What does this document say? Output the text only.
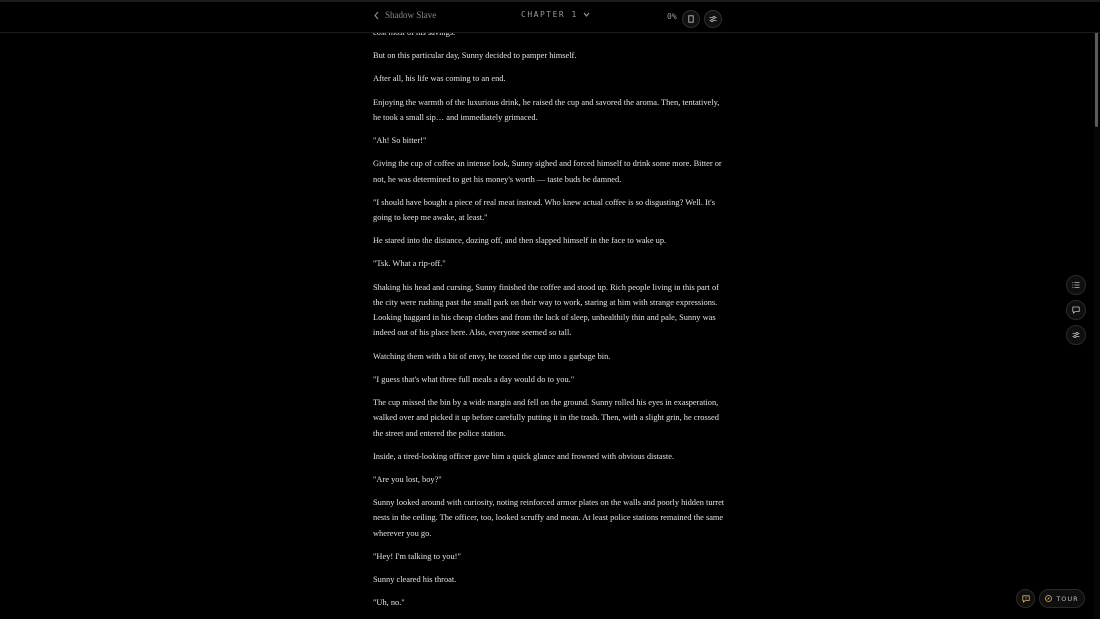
Shadow Slave	CHAPTER 1	0%

But on this particular day, Sunny decided to pamper himself.

After all, his life was coming to an end.

Enjoying the warmth of the luxurious drink, he raised the cup and savored the aroma. Then, tentatively, he took a small sip… and immediately grimaced.

"Ah! So bitter!"

Giving the cup of coffee an intense look, Sunny sighed and forced himself to drink some more. Bitter or not, he was determined to get his money's worth — taste buds be damned.

"I should have bought a piece of real meat instead. Who knew actual coffee is so disgusting? Well. It's going to keep me awake, at least."

He stared into the distance, dozing off, and then slapped himself in the face to wake up.

"Tsk. What a rip-off."

Shaking his head and cursing, Sunny finished the coffee and stood up. Rich people living in this part of the city were rushing past the small park on their way to work, staring at him with strange expressions. Looking haggard in his cheap clothes and from the lack of sleep, unhealthily thin and pale, Sunny was indeed out of his place here. Also, everyone seemed so tall.

Watching them with a bit of envy, he tossed the cup into a garbage bin.

"I guess that's what three full meals a day would do to you."

The cup missed the bin by a wide margin and fell on the ground. Sunny rolled his eyes in exasperation, walked over and picked it up before carefully putting it in the trash. Then, with a slight grin, he crossed the street and entered the police station.

Inside, a tired-looking officer gave him a quick glance and frowned with obvious distaste.

"Are you lost, boy?"

Sunny looked around with curiosity, noting reinforced armor plates on the walls and poorly hidden turret nests in the ceiling. The officer, too, looked scruffy and mean. At least police stations remained the same wherever you go.

"Hey! I'm talking to you!"

Sunny cleared his throat.

"Uh, no."	TOUR
